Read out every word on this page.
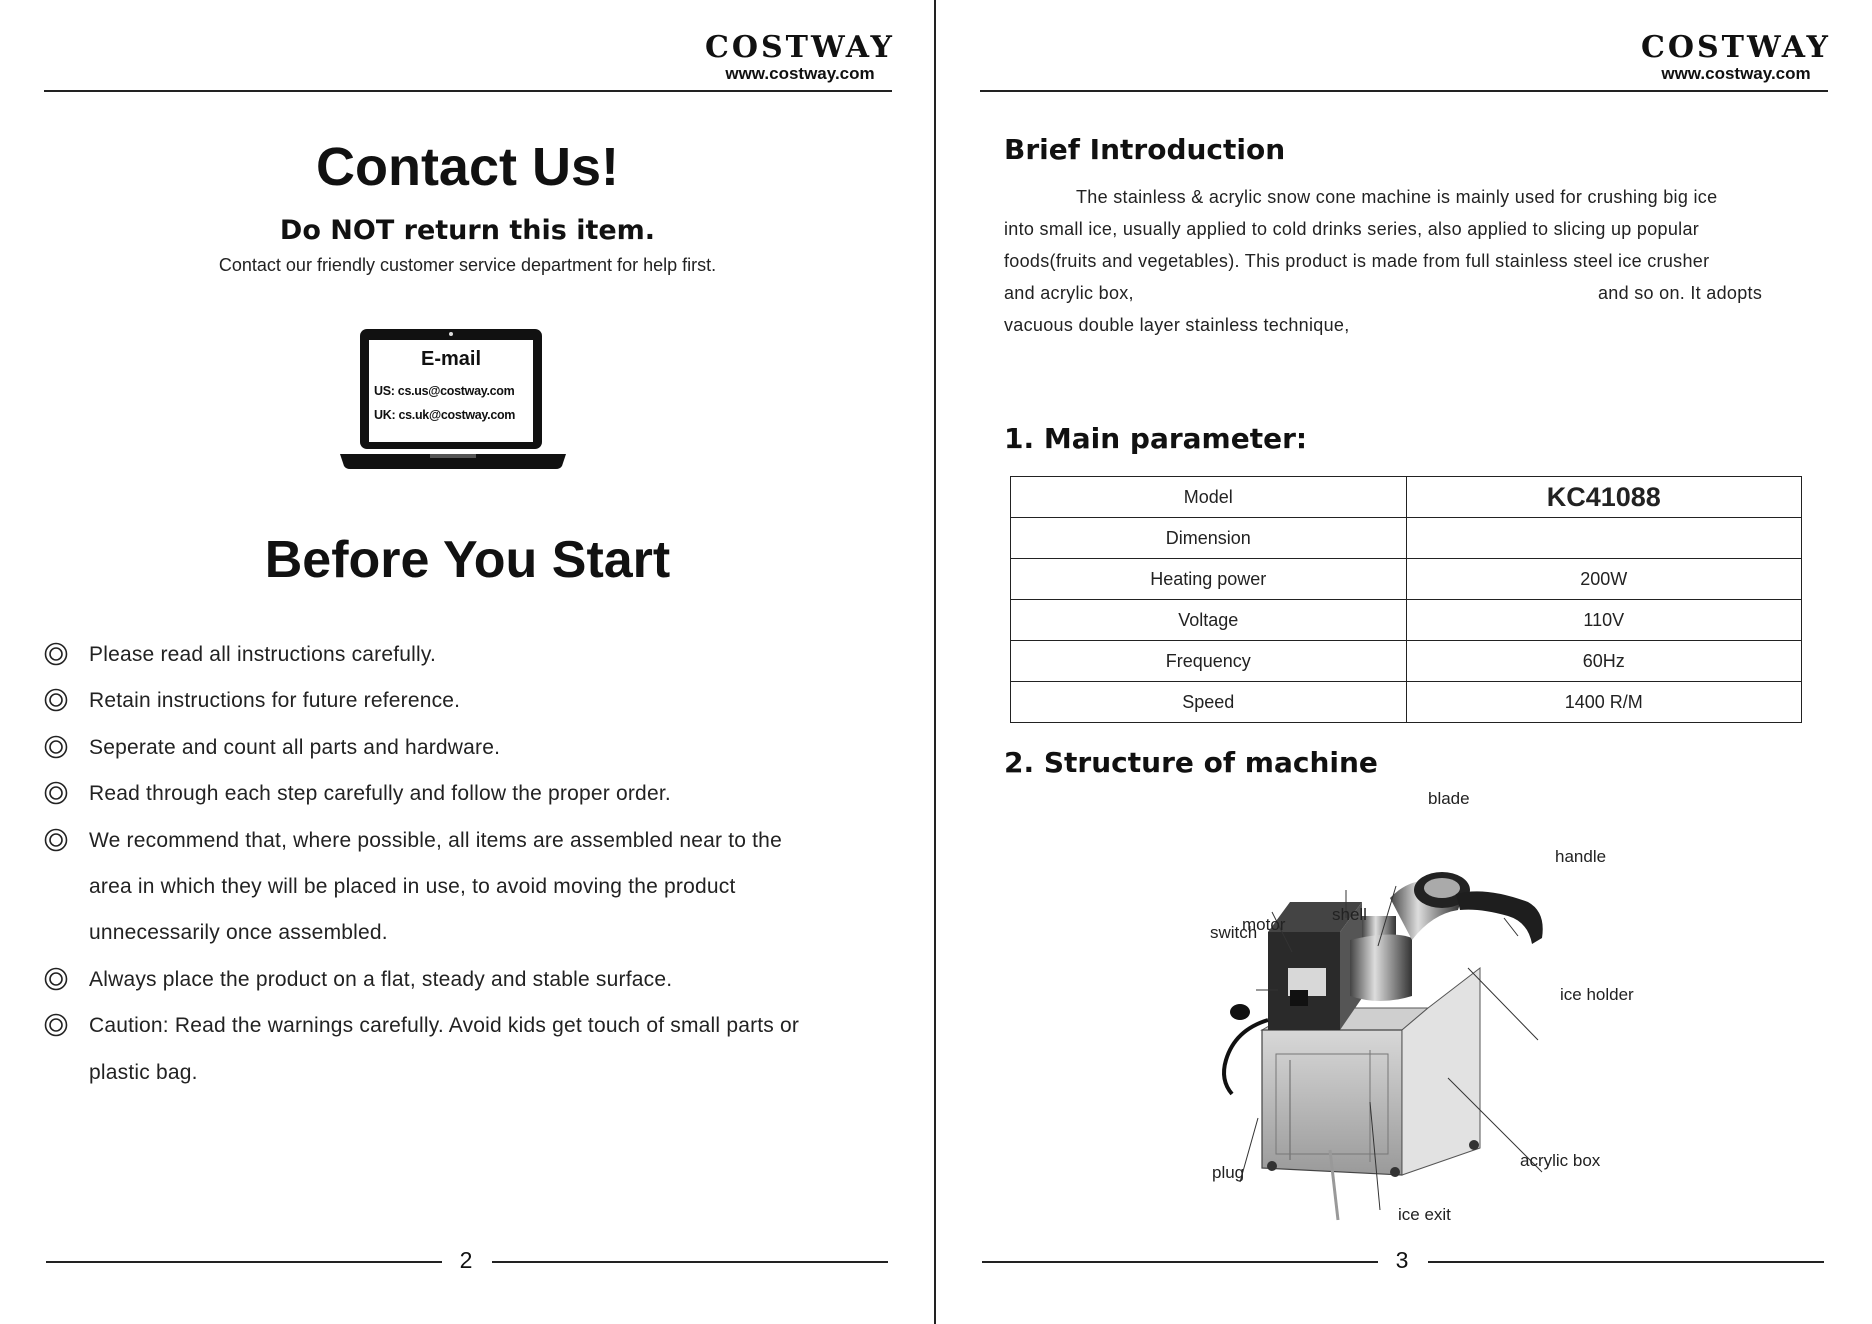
COSTWAY
www.costway.com
Contact Us!
Do NOT return this item.
Contact our friendly customer service department for help first.
E-mail
US: cs.us@costway.com
UK: cs.uk@costway.com
Before You Start
Please read all instructions carefully.
Retain instructions for future reference.
Seperate and count all parts and hardware.
Read through each step carefully and follow the proper order.
We recommend that, where possible, all items are assembled near to the
area in which they will be placed in use, to avoid moving the product
unnecessarily once assembled.
Always place the product on a flat, steady and stable surface.
Caution: Read the warnings carefully. Avoid kids get touch of small parts or
plastic bag.
2
COSTWAY
www.costway.com
Brief Introduction
The stainless & acrylic snow cone machine is mainly used for crushing big ice
into small ice, usually applied to cold drinks series, also applied to slicing up popular
foods(fruits and vegetables). This product is made from full stainless steel ice crusher
and acrylic box,	and so on. It adopts
vacuous double layer stainless technique,
1. Main parameter:
Model	KC41088
Dimension	
Heating power	200W
Voltage	110V
Frequency	60Hz
Speed	1400 R/M
2. Structure of machine
motor
shell
blade
handle
switch
ice holder
acrylic box
plug
ice exit
3
